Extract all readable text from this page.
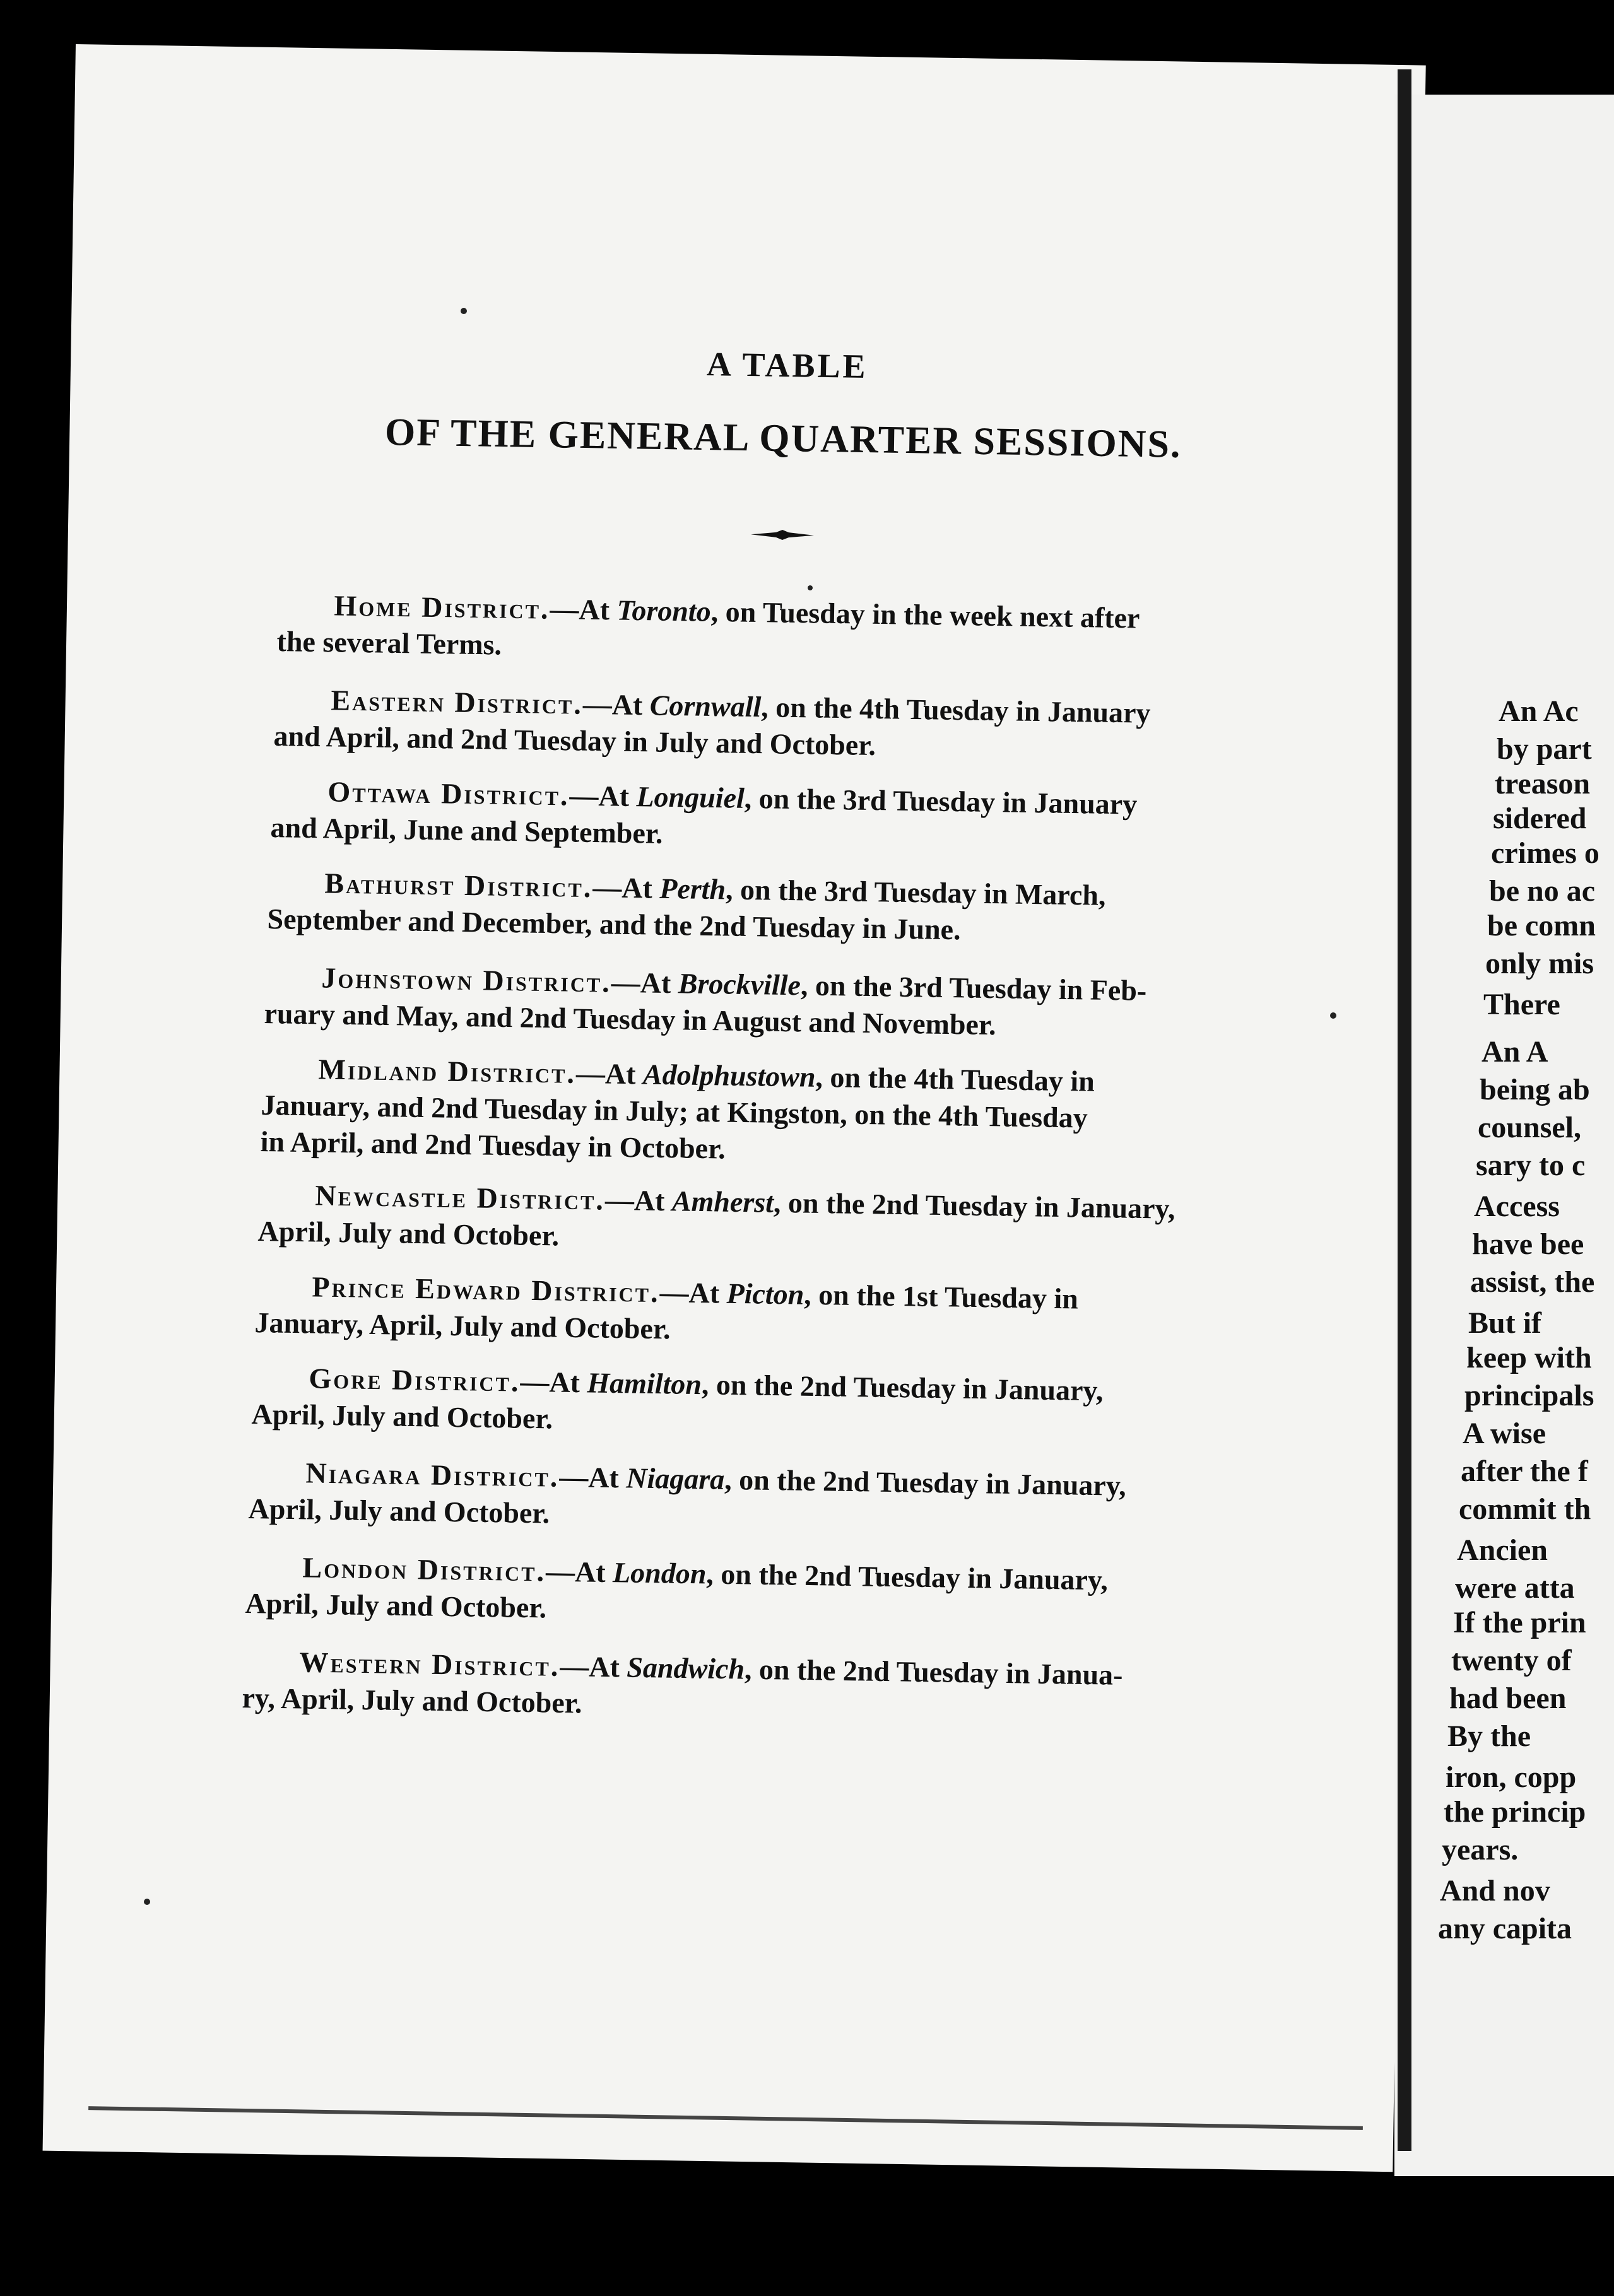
A TABLE
OF THE GENERAL QUARTER SESSIONS.
Home District.—At Toronto, on Tuesday in the week next after
the several Terms.
Eastern District.—At Cornwall, on the 4th Tuesday in January
and April, and 2nd Tuesday in July and October.
Ottawa District.—At Longuiel, on the 3rd Tuesday in January
and April, June and September.
Bathurst District.—At Perth, on the 3rd Tuesday in March,
September and December, and the 2nd Tuesday in June.
Johnstown District.—At Brockville, on the 3rd Tuesday in Feb-
ruary and May, and 2nd Tuesday in August and November.
Midland District.—At Adolphustown, on the 4th Tuesday in
January, and 2nd Tuesday in July; at Kingston, on the 4th Tuesday
in April, and 2nd Tuesday in October.
Newcastle District.—At Amherst, on the 2nd Tuesday in January,
April, July and October.
Prince Edward District.—At Picton, on the 1st Tuesday in
January, April, July and October.
Gore District.—At Hamilton, on the 2nd Tuesday in January,
April, July and October.
Niagara District.—At Niagara, on the 2nd Tuesday in January,
April, July and October.
London District.—At London, on the 2nd Tuesday in January,
April, July and October.
Western District.—At Sandwich, on the 2nd Tuesday in Janua-
ry, April, July and October.
An Ac
by part
treason
sidered
crimes o
be no ac
be comn
only mis
There
An A
being ab
counsel,
sary to c
Access
have bee
assist, the
But if
keep with
principals
A wise
after the f
commit th
Ancien
were atta
If the prin
twenty of
had been
By the
iron, copp
the princip
years.
And nov
any capita
